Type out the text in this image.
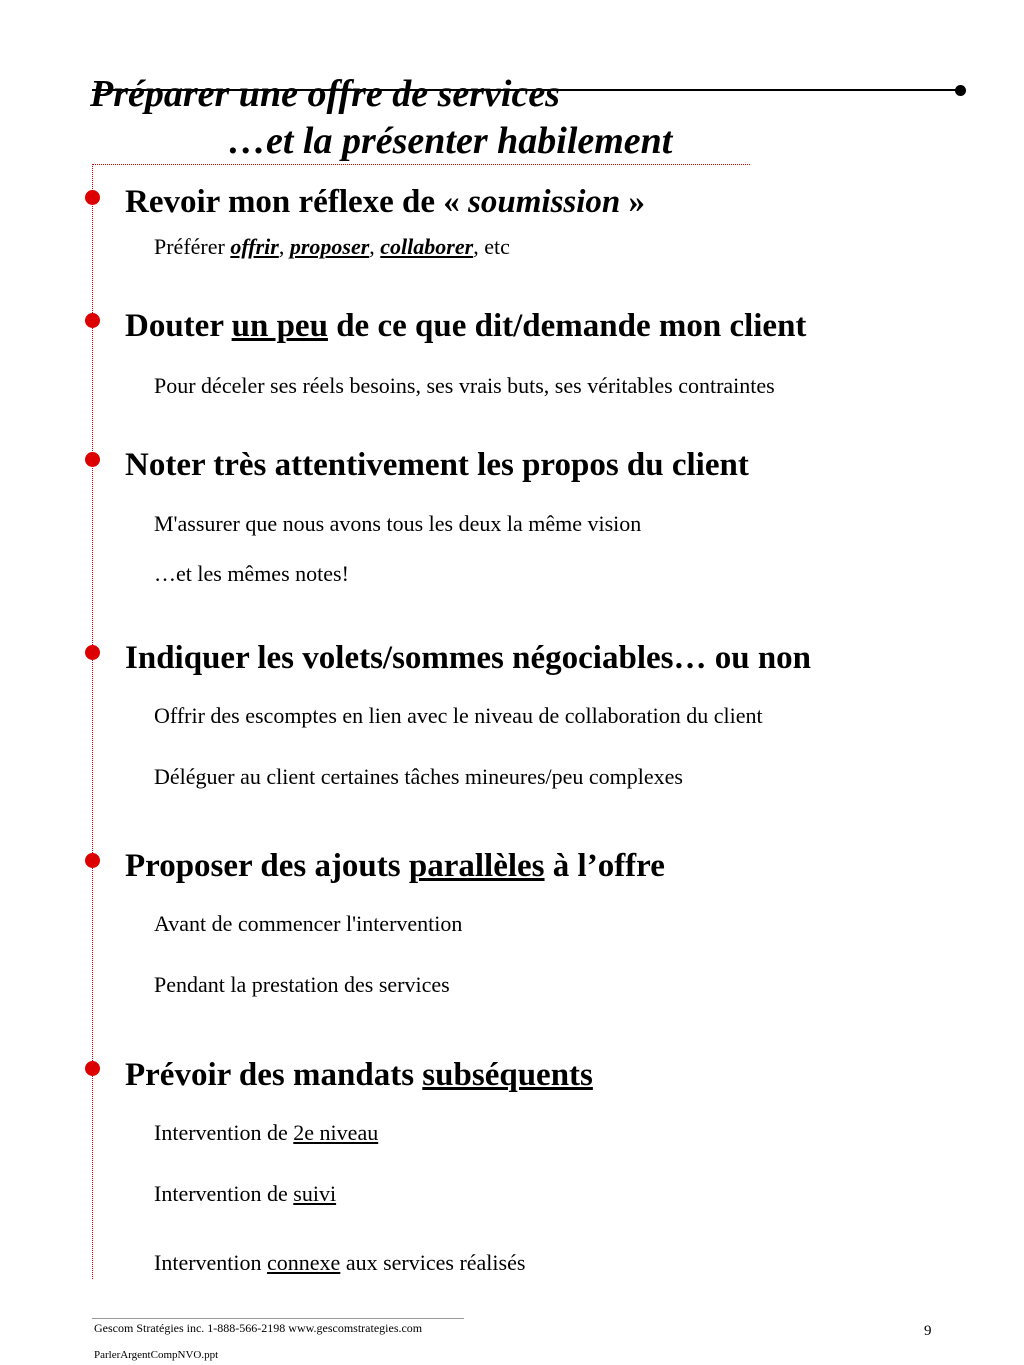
Préparer une offre de services
…et la présenter habilement
Revoir mon réflexe de « soumission »
Préférer offrir, proposer, collaborer, etc
Douter un peu de ce que dit/demande mon client
Pour déceler ses réels besoins, ses vrais buts, ses véritables contraintes
Noter très attentivement les propos du client
M'assurer que nous avons tous les deux la même vision
…et les mêmes notes!
Indiquer les volets/sommes négociables… ou non
Offrir des escomptes en lien avec le niveau de collaboration du client
Déléguer au client certaines tâches mineures/peu complexes
Proposer des ajouts parallèles à l’offre
Avant de commencer l'intervention
Pendant la prestation des services
Prévoir des mandats subséquents
Intervention de 2e niveau
Intervention de suivi
Intervention connexe aux services réalisés
Gescom Stratégies inc. 1-888-566-2198 www.gescomstrategies.com	9
ParlerArgentCompNVO.ppt
